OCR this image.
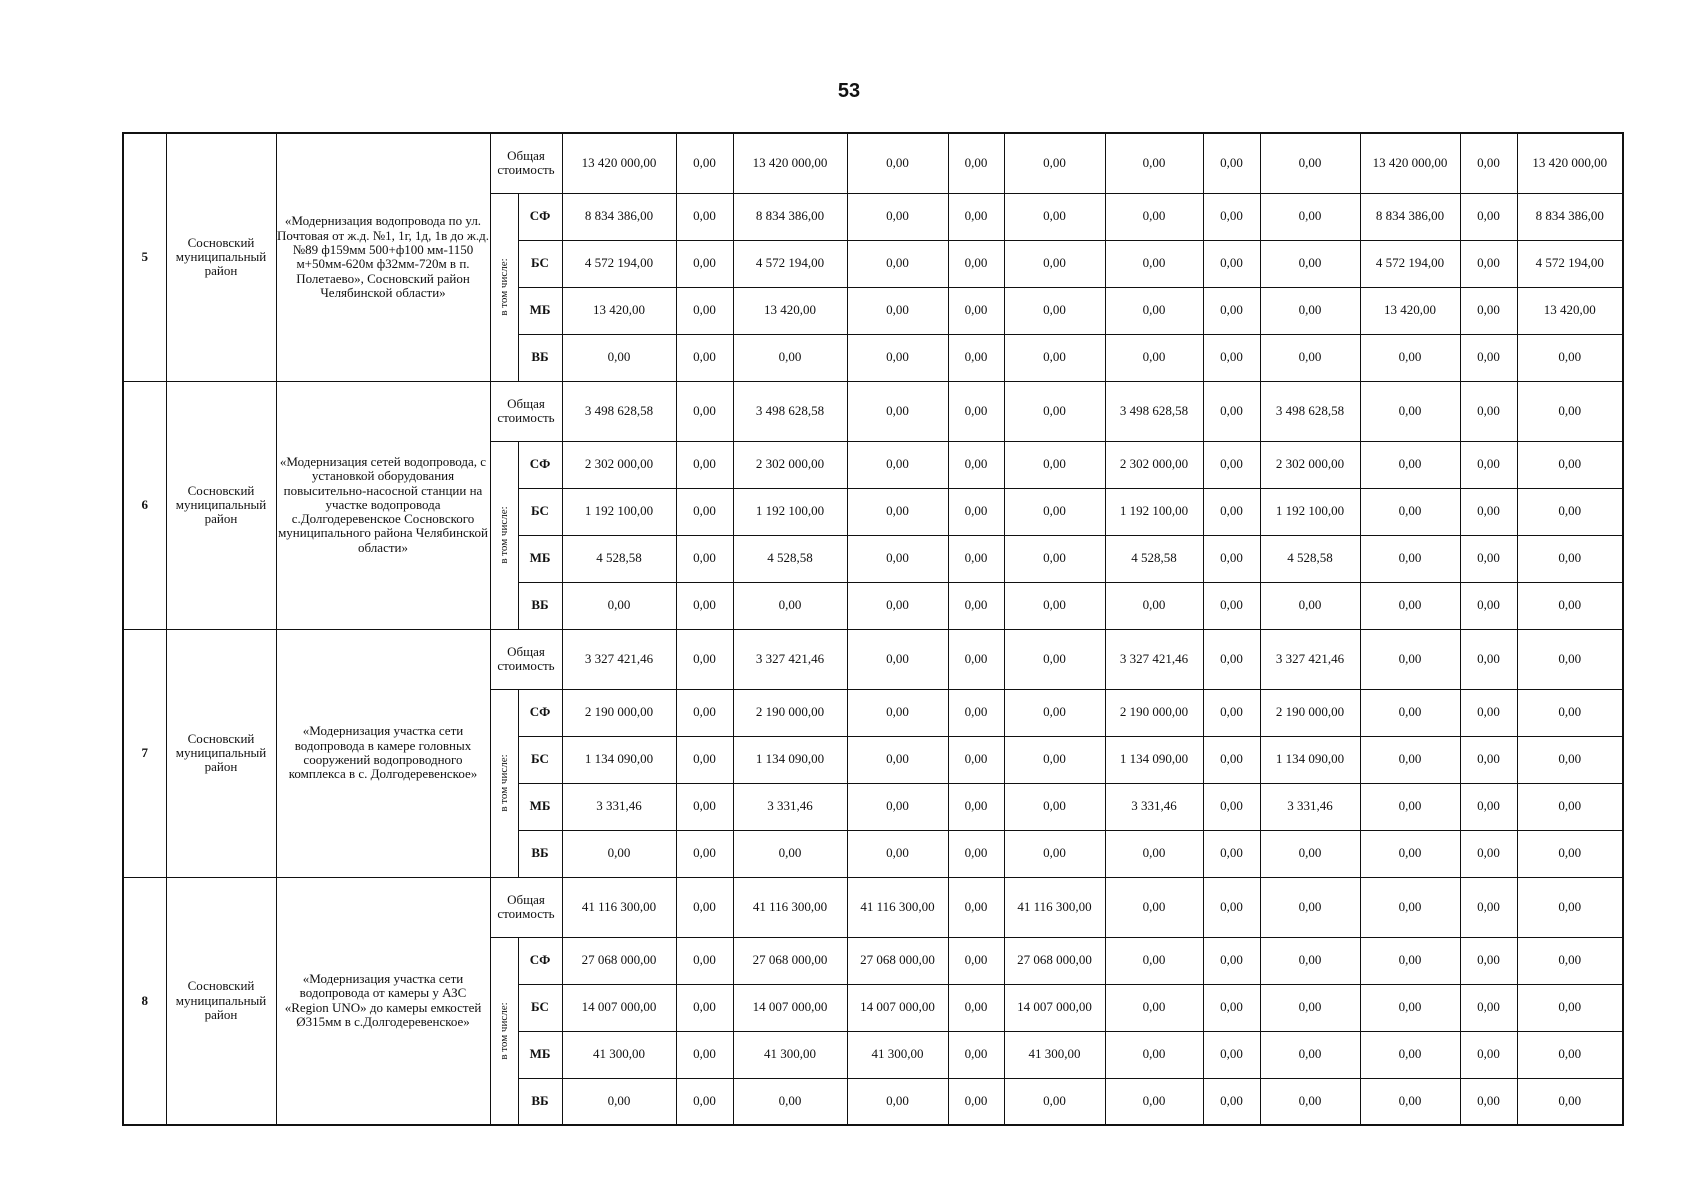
53
5	Сосновский муниципальный район	«Модернизация водопровода по ул. Почтовая от ж.д. №1, 1г, 1д, 1в до ж.д. №89 ф159мм 500+ф100 мм-1150 м+50мм-620м ф32мм-720м в п. Полетаево», Сосновский район Челябинской области»	Общая стоимость		13 420 000,00	0,00	13 420 000,00	0,00	0,00	0,00	0,00	0,00	0,00	13 420 000,00	0,00	13 420 000,00

			в том числе:	СФ	8 834 386,00	0,00	8 834 386,00	0,00	0,00	0,00	0,00	0,00	0,00	8 834 386,00	0,00	8 834 386,00
				БС	4 572 194,00	0,00	4 572 194,00	0,00	0,00	0,00	0,00	0,00	0,00	4 572 194,00	0,00	4 572 194,00
				МБ	13 420,00	0,00	13 420,00	0,00	0,00	0,00	0,00	0,00	0,00	13 420,00	0,00	13 420,00
				ВБ	0,00	0,00	0,00	0,00	0,00	0,00	0,00	0,00	0,00	0,00	0,00	0,00
6	Сосновский муниципальный район	«Модернизация сетей водопровода, с установкой оборудования повысительно-насосной станции на участке водопровода с.Долгодеревенское Сосновского муниципального района Челябинской области»	Общая стоимость		3 498 628,58	0,00	3 498 628,58	0,00	0,00	0,00	3 498 628,58	0,00	3 498 628,58	0,00	0,00	0,00

			в том числе:	СФ	2 302 000,00	0,00	2 302 000,00	0,00	0,00	0,00	2 302 000,00	0,00	2 302 000,00	0,00	0,00	0,00
				БС	1 192 100,00	0,00	1 192 100,00	0,00	0,00	0,00	1 192 100,00	0,00	1 192 100,00	0,00	0,00	0,00
				МБ	4 528,58	0,00	4 528,58	0,00	0,00	0,00	4 528,58	0,00	4 528,58	0,00	0,00	0,00
				ВБ	0,00	0,00	0,00	0,00	0,00	0,00	0,00	0,00	0,00	0,00	0,00	0,00
7	Сосновский муниципальный район	«Модернизация участка сети водопровода в камере головных сооружений водопроводного комплекса в с. Долгодеревенское»	Общая стоимость		3 327 421,46	0,00	3 327 421,46	0,00	0,00	0,00	3 327 421,46	0,00	3 327 421,46	0,00	0,00	0,00

			в том числе:	СФ	2 190 000,00	0,00	2 190 000,00	0,00	0,00	0,00	2 190 000,00	0,00	2 190 000,00	0,00	0,00	0,00
				БС	1 134 090,00	0,00	1 134 090,00	0,00	0,00	0,00	1 134 090,00	0,00	1 134 090,00	0,00	0,00	0,00
				МБ	3 331,46	0,00	3 331,46	0,00	0,00	0,00	3 331,46	0,00	3 331,46	0,00	0,00	0,00
				ВБ	0,00	0,00	0,00	0,00	0,00	0,00	0,00	0,00	0,00	0,00	0,00	0,00
8	Сосновский муниципальный район	«Модернизация участка сети водопровода от камеры у АЗС «Region UNO» до камеры емкостей Ø315мм в с.Долгодеревенское»	Общая стоимость		41 116 300,00	0,00	41 116 300,00	41 116 300,00	0,00	41 116 300,00	0,00	0,00	0,00	0,00	0,00	0,00

			в том числе:	СФ	27 068 000,00	0,00	27 068 000,00	27 068 000,00	0,00	27 068 000,00	0,00	0,00	0,00	0,00	0,00	0,00
				БС	14 007 000,00	0,00	14 007 000,00	14 007 000,00	0,00	14 007 000,00	0,00	0,00	0,00	0,00	0,00	0,00
				МБ	41 300,00	0,00	41 300,00	41 300,00	0,00	41 300,00	0,00	0,00	0,00	0,00	0,00	0,00
				ВБ	0,00	0,00	0,00	0,00	0,00	0,00	0,00	0,00	0,00	0,00	0,00	0,00
